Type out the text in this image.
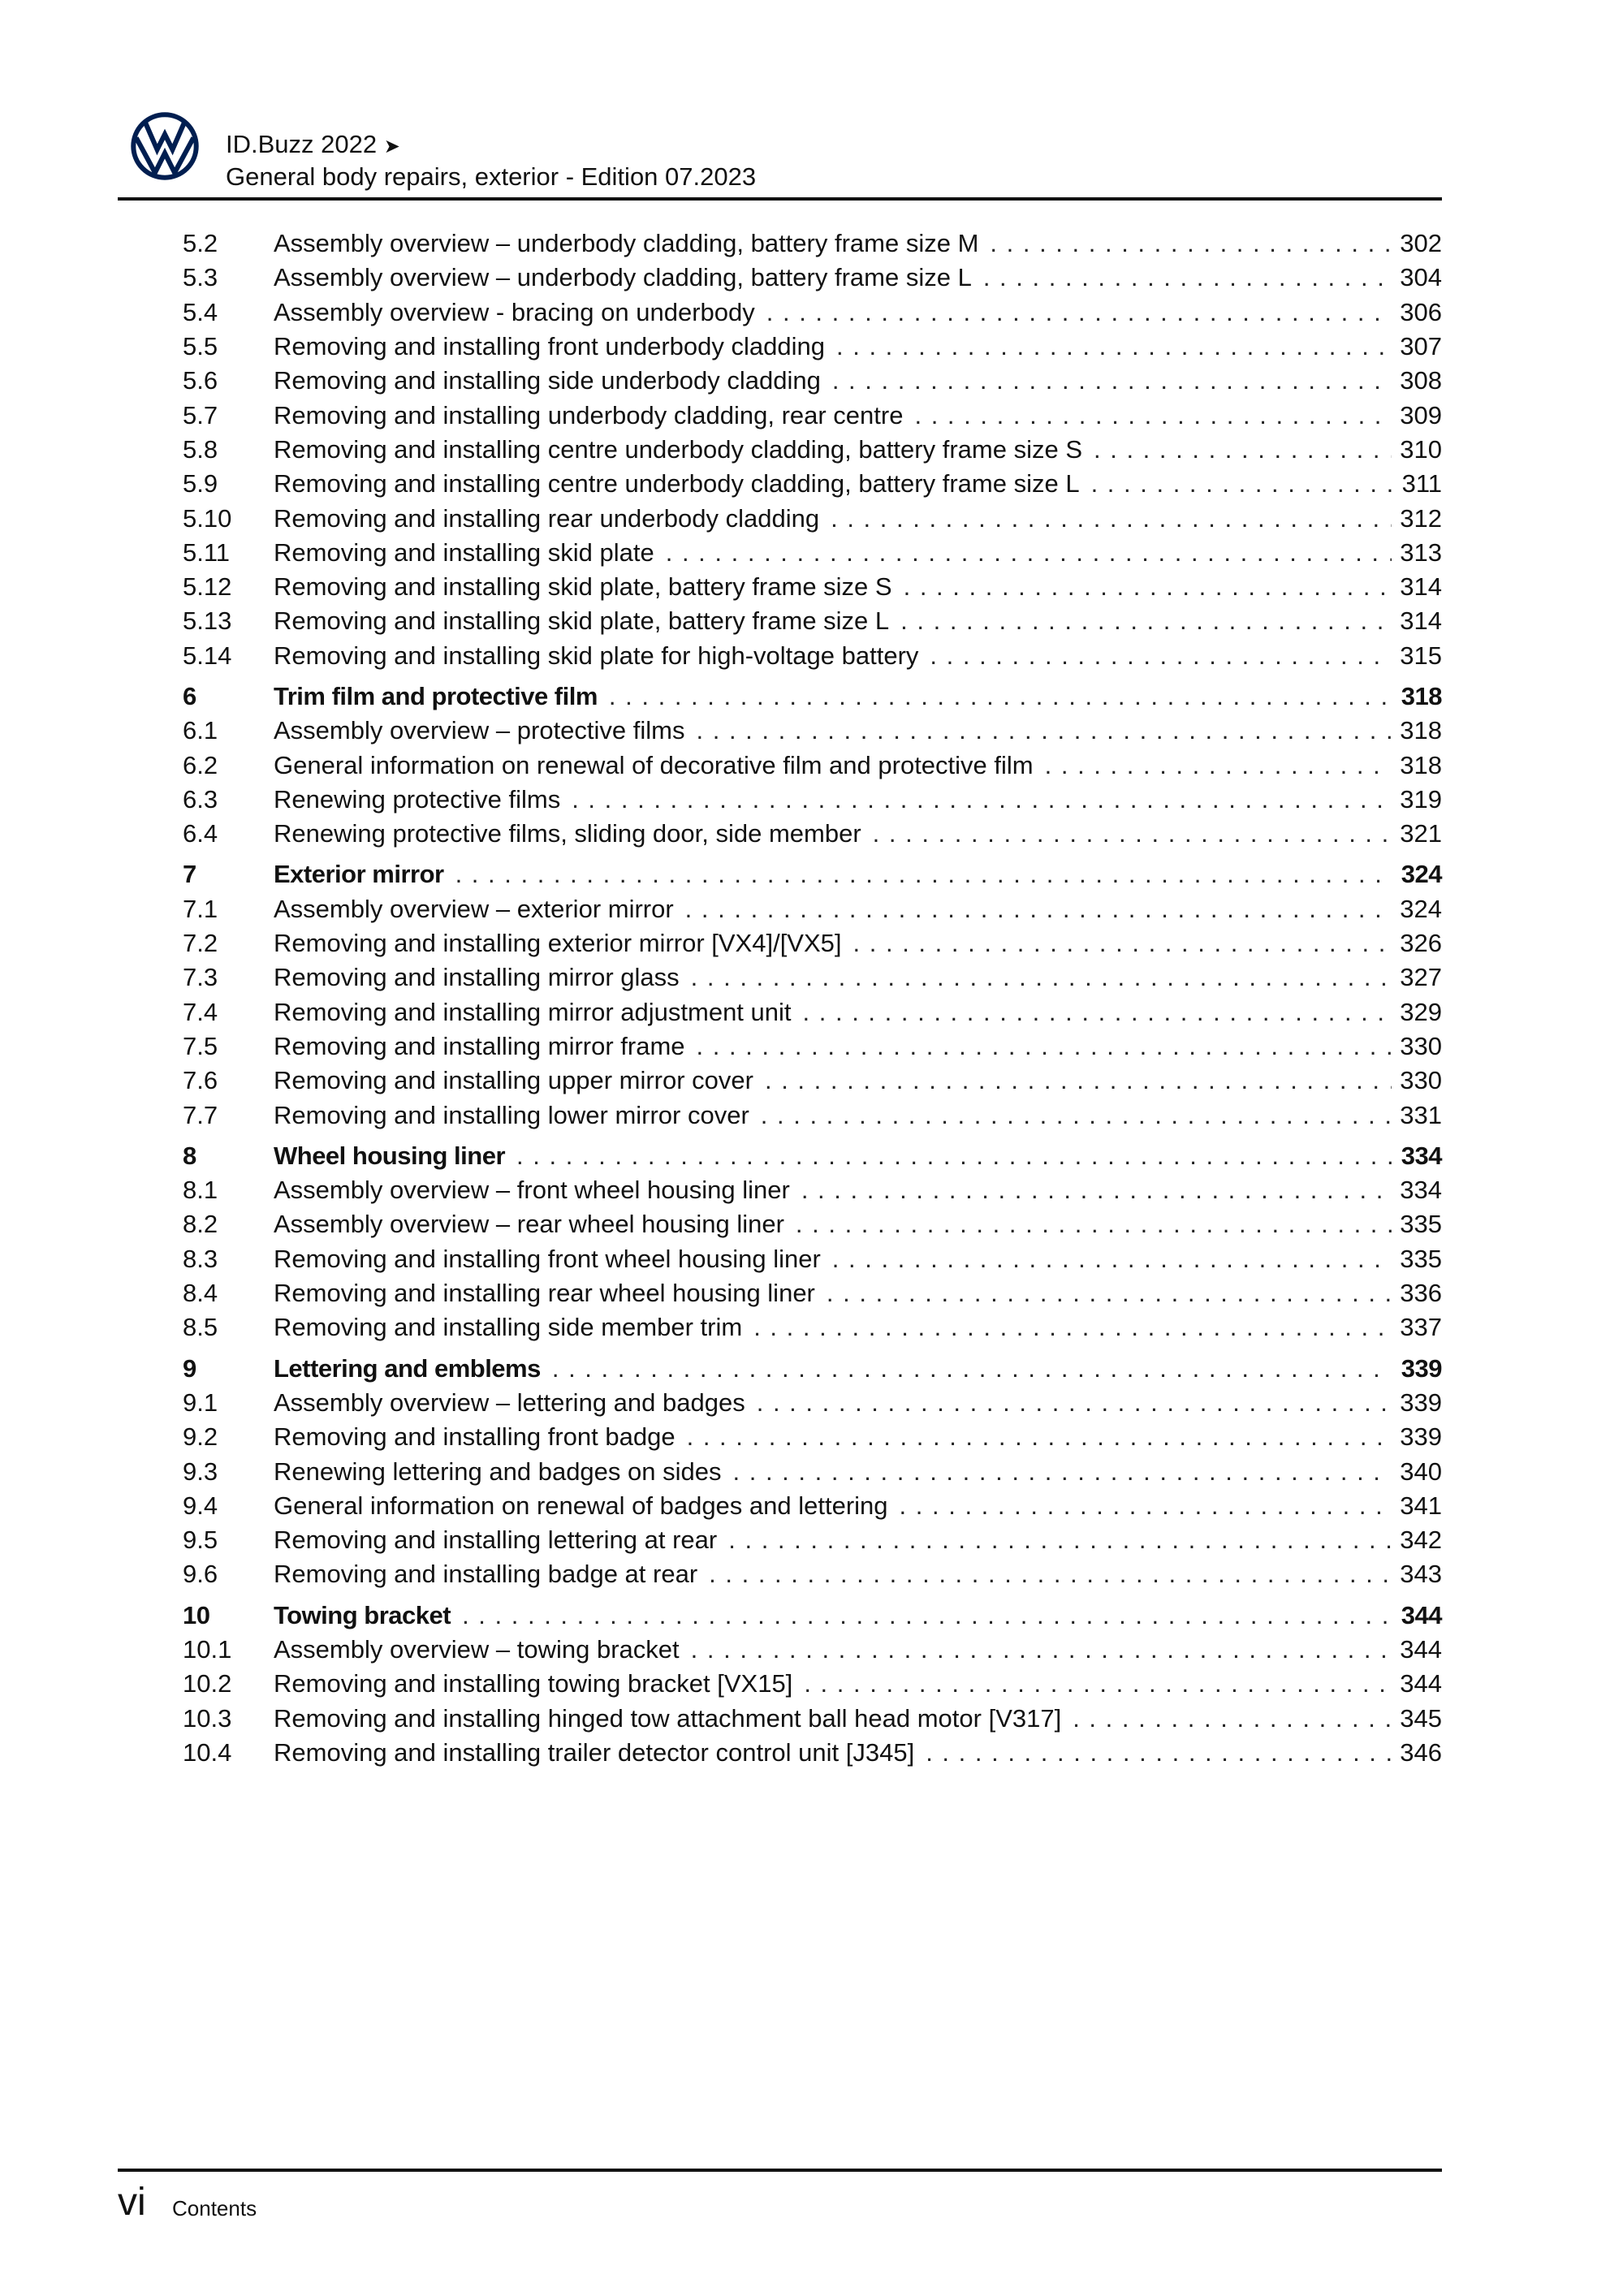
ID.Buzz 2022 ➤
General body repairs, exterior - Edition 07.2023
5.2	Assembly overview – underbody cladding, battery frame size M . . .	302
5.3	Assembly overview – underbody cladding, battery frame size L . . .	304
5.4	Assembly overview - bracing on underbody . . .	306
5.5	Removing and installing front underbody cladding . . .	307
5.6	Removing and installing side underbody cladding . . .	308
5.7	Removing and installing underbody cladding, rear centre . . .	309
5.8	Removing and installing centre underbody cladding, battery frame size S . . .	310
5.9	Removing and installing centre underbody cladding, battery frame size L . . .	311
5.10	Removing and installing rear underbody cladding . . .	312
5.11	Removing and installing skid plate . . .	313
5.12	Removing and installing skid plate, battery frame size S . . .	314
5.13	Removing and installing skid plate, battery frame size L . . .	314
5.14	Removing and installing skid plate for high-voltage battery . . .	315
6	Trim film and protective film . . .	318
6.1	Assembly overview – protective films . . .	318
6.2	General information on renewal of decorative film and protective film . . .	318
6.3	Renewing protective films . . .	319
6.4	Renewing protective films, sliding door, side member . . .	321
7	Exterior mirror . . .	324
7.1	Assembly overview – exterior mirror . . .	324
7.2	Removing and installing exterior mirror [VX4]/[VX5] . . .	326
7.3	Removing and installing mirror glass . . .	327
7.4	Removing and installing mirror adjustment unit . . .	329
7.5	Removing and installing mirror frame . . .	330
7.6	Removing and installing upper mirror cover . . .	330
7.7	Removing and installing lower mirror cover . . .	331
8	Wheel housing liner . . .	334
8.1	Assembly overview – front wheel housing liner . . .	334
8.2	Assembly overview – rear wheel housing liner . . .	335
8.3	Removing and installing front wheel housing liner . . .	335
8.4	Removing and installing rear wheel housing liner . . .	336
8.5	Removing and installing side member trim . . .	337
9	Lettering and emblems . . .	339
9.1	Assembly overview – lettering and badges . . .	339
9.2	Removing and installing front badge . . .	339
9.3	Renewing lettering and badges on sides . . .	340
9.4	General information on renewal of badges and lettering . . .	341
9.5	Removing and installing lettering at rear . . .	342
9.6	Removing and installing badge at rear . . .	343
10	Towing bracket . . .	344
10.1	Assembly overview – towing bracket . . .	344
10.2	Removing and installing towing bracket [VX15] . . .	344
10.3	Removing and installing hinged tow attachment ball head motor [V317] . . .	345
10.4	Removing and installing trailer detector control unit [J345] . . .	346
vi Contents
